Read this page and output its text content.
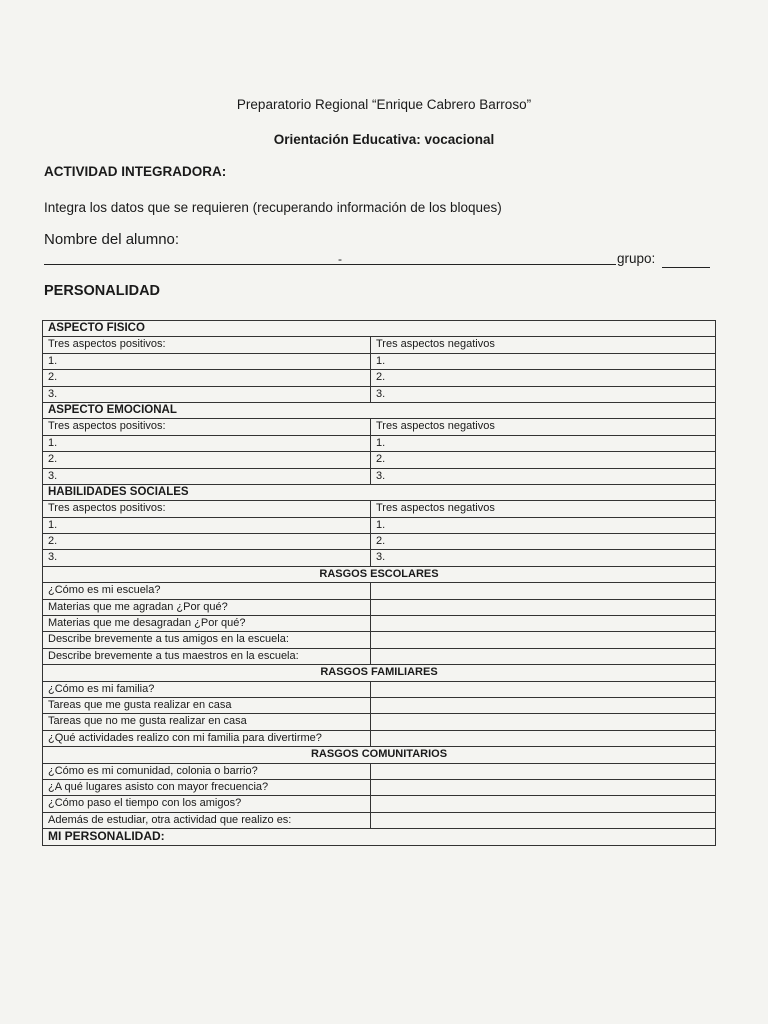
Preparatorio Regional “Enrique Cabrero Barroso”
Orientación Educativa: vocacional
ACTIVIDAD INTEGRADORA:
Integra los datos que se requieren (recuperando información de los bloques)
Nombre del alumno:
-	grupo:
PERSONALIDAD
ASPECTO FISICO	
Tres aspectos positivos:	Tres aspectos negativos
1.	1.
2.	2.
3.	3.
ASPECTO EMOCIONAL	
Tres aspectos positivos:	Tres aspectos negativos
1.	1.
2.	2.
3.	3.
HABILIDADES SOCIALES	
Tres aspectos positivos:	Tres aspectos negativos
1.	1.
2.	2.
3.	3.
RASGOS ESCOLARES	
¿Cómo es mi escuela?	
Materias que me agradan ¿Por qué?	
Materias que me desagradan ¿Por qué?	
Describe brevemente a tus amigos en la escuela:	
Describe brevemente a tus maestros en la escuela:	
RASGOS FAMILIARES	
¿Cómo es mi familia?	
Tareas que me gusta realizar en casa	
Tareas que no me gusta realizar en casa	
¿Qué actividades realizo con mi familia para divertirme?	
RASGOS COMUNITARIOS	
¿Cómo es mi comunidad, colonia o barrio?	
¿A qué lugares asisto con mayor frecuencia?	
¿Cómo paso el tiempo con los amigos?	
Además de estudiar, otra actividad que realizo es:	
MI PERSONALIDAD:	
